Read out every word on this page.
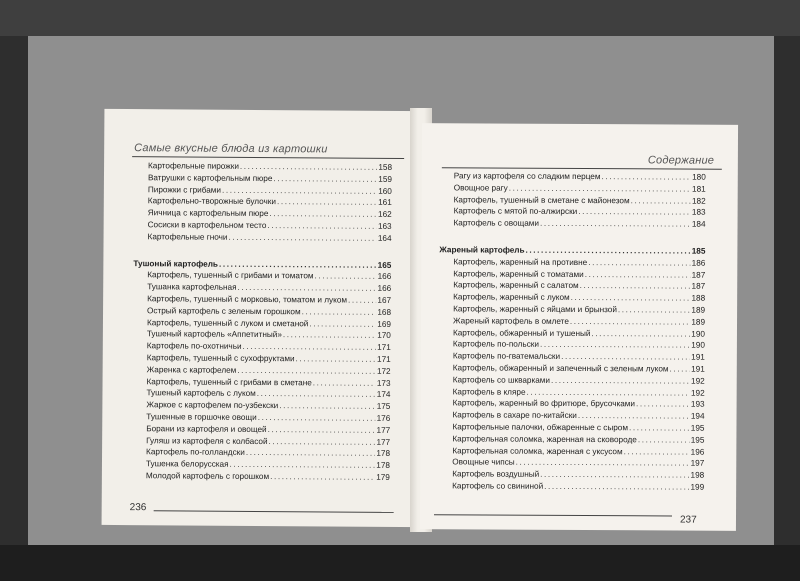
Самые вкусные блюда из картошки
Картофельные пирожки .....	158
Ватрушки с картофельным пюре .....	159
Пирожки с грибами .....	160
Картофельно-творожные булочки .....	161
Яичница с картофельным пюре .....	162
Сосиски в картофельном тесто .....	163
Картофельные гночи .....	164
Тушоный картофель .....	165
Картофель, тушенный с грибами и томатом .....	166
Тушанка картофельная .....	166
Картофель, тушенный с морковью, томатом и луком .....	167
Острый картофель с зеленым горошком .....	168
Картофель, тушенный с луком и сметаной .....	169
Тушеный картофель «Аппетитный» .....	170
Картофель по-охотничьи .....	171
Картофель, тушенный с сухофруктами .....	171
Жаренка с картофелем .....	172
Картофель, тушенный с грибами в сметане .....	173
Тушеный картофель с луком .....	174
Жаркое с картофелем по-узбекски .....	175
Тушенные в горшочке овощи .....	176
Борани из картофеля и овощей .....	177
Гуляш из картофеля с колбасой .....	177
Картофель по-голландски .....	178
Тушенка белорусская .....	178
Молодой картофель с горошком .....	179
236
Содержание
Рагу из картофеля со сладким перцем .....	180
Овощное рагу .....	181
Картофель, тушенный в сметане с майонезом .....	182
Картофель с мятой по-алжирски .....	183
Картофель с овощами .....	184
Жареный картофель .....	185
Картофель, жаренный на противне .....	186
Картофель, жаренный с томатами .....	187
Картофель, жаренный с салатом .....	187
Картофель, жаренный с луком .....	188
Картофель, жаренный с яйцами и брынзой .....	189
Жареный картофель в омлете .....	189
Картофель, обжаренный и тушеный .....	190
Картофель по-польски .....	190
Картофель по-гватемальски .....	191
Картофель, обжаренный и запеченный с зеленым луком .....	191
Картофель со шкварками .....	192
Картофель в кляре .....	192
Картофель, жаренный во фритюре, брусочками .....	193
Картофель в сахаре по-китайски .....	194
Картофельные палочки, обжаренные с сыром .....	195
Картофельная соломка, жаренная на сковороде .....	195
Картофельная соломка, жаренная с уксусом .....	196
Овощные чипсы .....	197
Картофель воздушный .....	198
Картофель со свининой .....	199
237
